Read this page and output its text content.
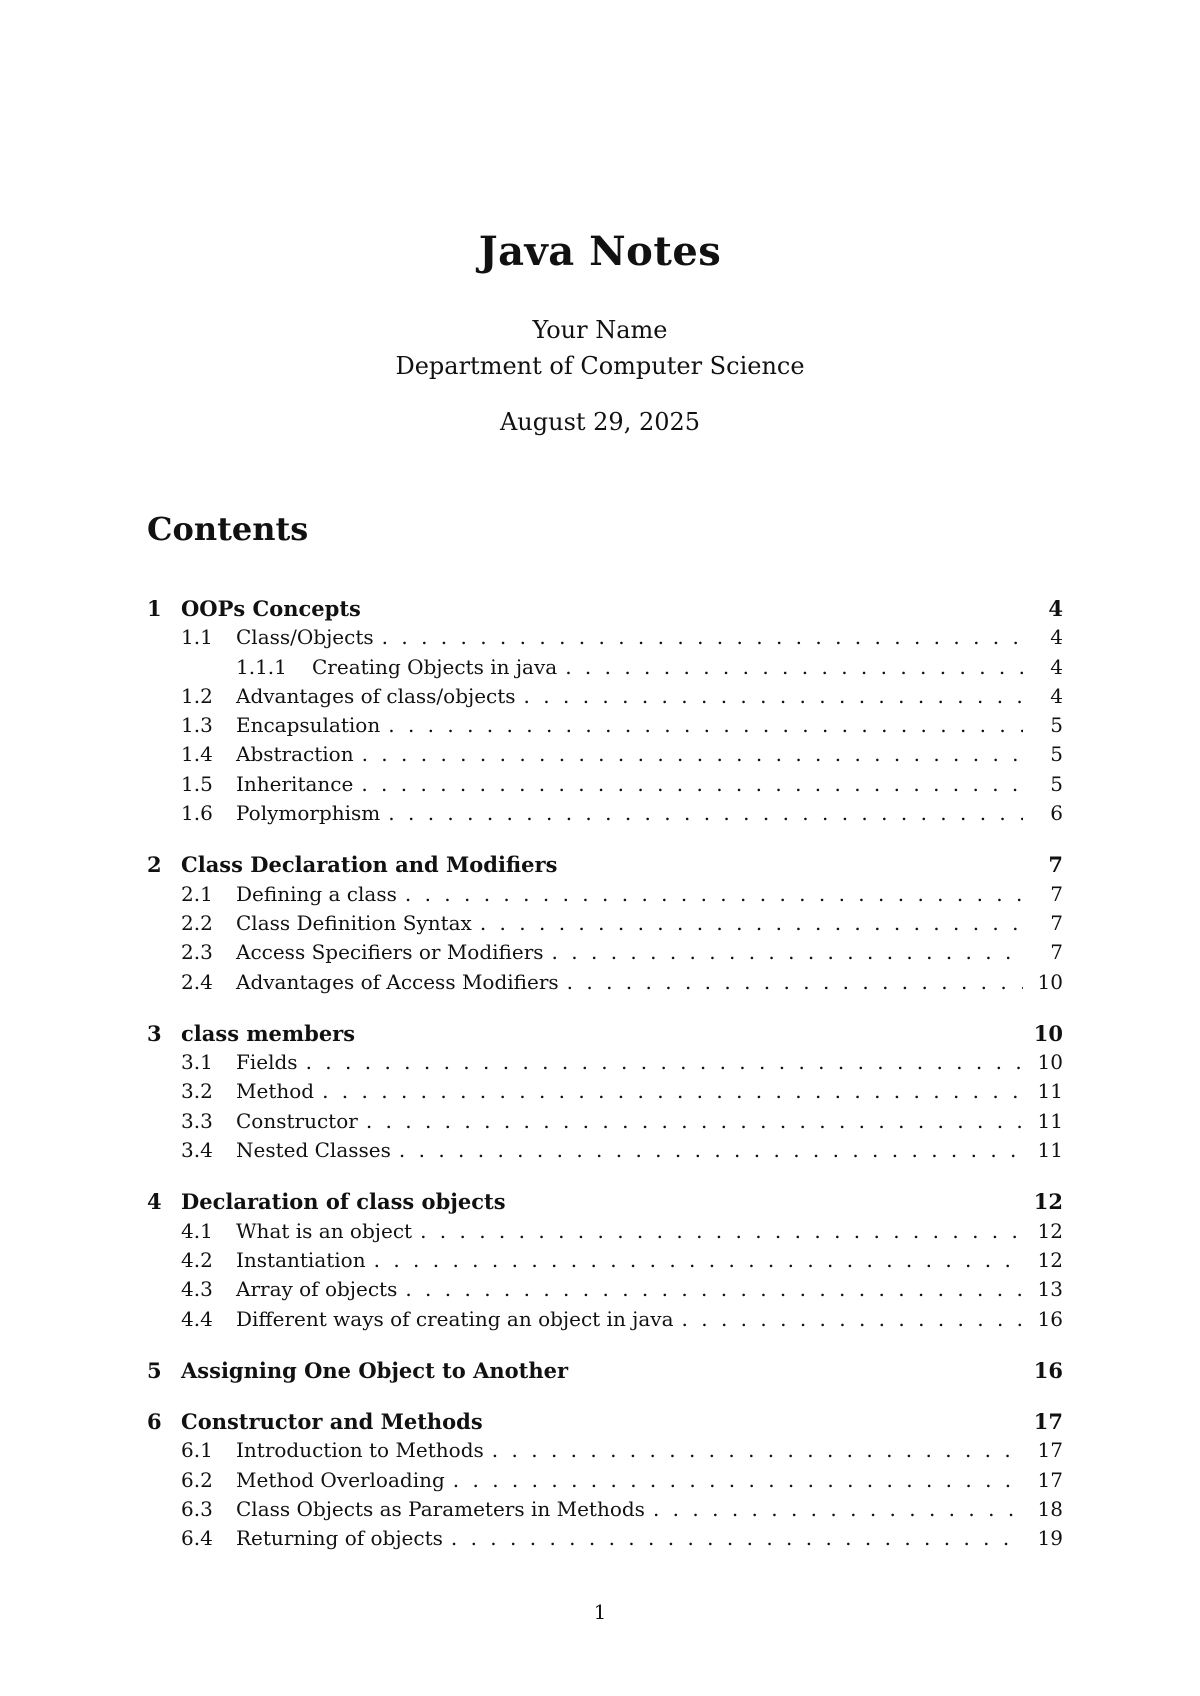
Java Notes
Your Name
Department of Computer Science
August 29, 2025
Contents
1 OOPs Concepts	4
1.1	Class/Objects . . .	4
1.1.1	Creating Objects in java . . .	4
1.2	Advantages of class/objects . . .	4
1.3	Encapsulation . . .	5
1.4	Abstraction . . .	5
1.5	Inheritance . . .	5
1.6	Polymorphism . . .	6
2 Class Declaration and Modifiers	7
2.1	Defining a class . . .	7
2.2	Class Definition Syntax . . .	7
2.3	Access Specifiers or Modifiers . . .	7
2.4	Advantages of Access Modifiers . . .	10
3 class members	10
3.1	Fields . . .	10
3.2	Method . . .	11
3.3	Constructor . . .	11
3.4	Nested Classes . . .	11
4 Declaration of class objects	12
4.1	What is an object . . .	12
4.2	Instantiation . . .	12
4.3	Array of objects . . .	13
4.4	Different ways of creating an object in java . . .	16
5 Assigning One Object to Another	16
6 Constructor and Methods	17
6.1	Introduction to Methods . . .	17
6.2	Method Overloading . . .	17
6.3	Class Objects as Parameters in Methods . . .	18
6.4	Returning of objects . . .	19
1
